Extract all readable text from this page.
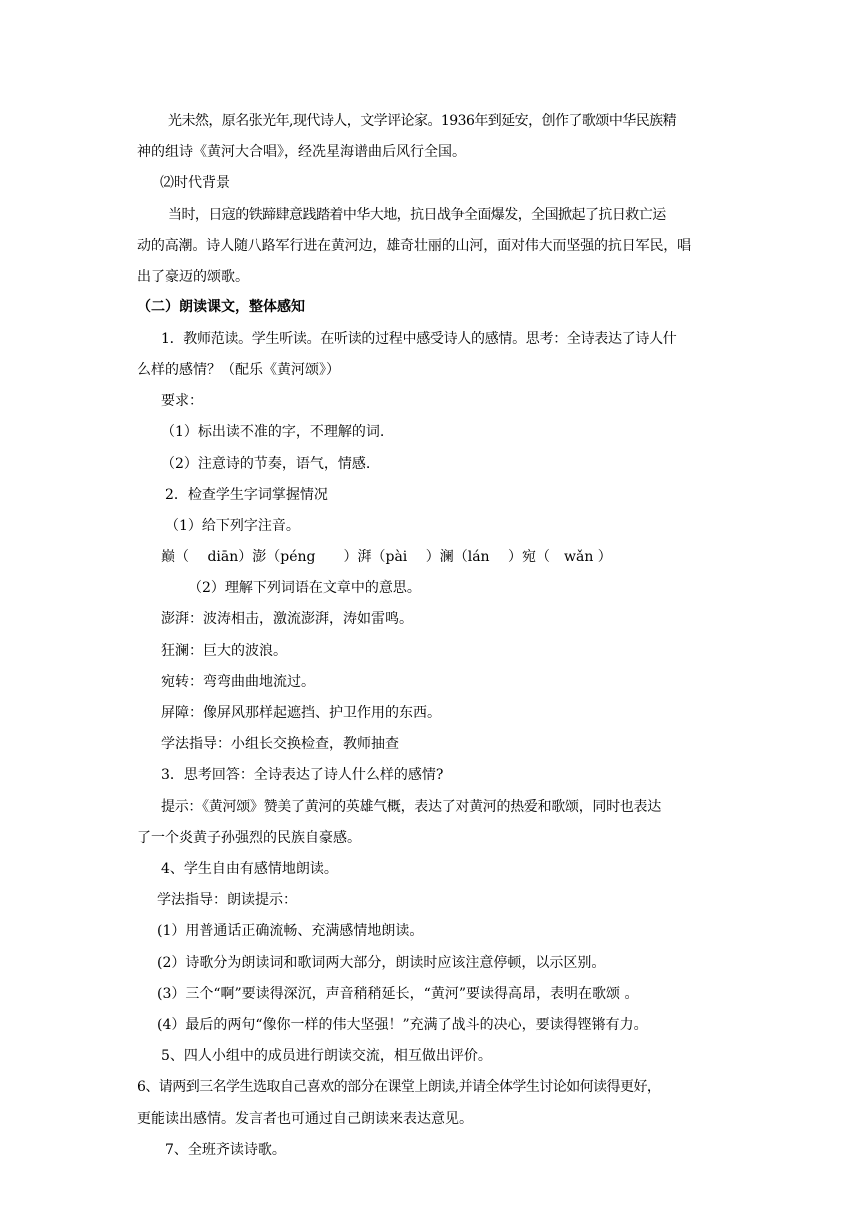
光未然，原名张光年,现代诗人，文学评论家。1936年到延安，创作了歌颂中华民族精
神的组诗《黄河大合唱》，经冼星海谱曲后风行全国。
⑵时代背景
当时，日寇的铁蹄肆意践踏着中华大地，抗日战争全面爆发，全国掀起了抗日救亡运
动的高潮。诗人随八路军行进在黄河边，雄奇壮丽的山河，面对伟大而坚强的抗日军民，唱
出了豪迈的颂歌。
（二）朗读课文，整体感知
1．教师范读。学生听读。在听读的过程中感受诗人的感情。思考：全诗表达了诗人什
么样的感情？（配乐《黄河颂》）
要求：
（1）标出读不准的字，不理解的词.
（2）注意诗的节奏，语气，情感.
2．检查学生字词掌握情况
（1）给下列字注音。
巅（　 diān）澎（péng　　）湃（pài　 ）澜（lán　 ）宛（　wǎn ）
（2）理解下列词语在文章中的意思。
澎湃：波涛相击，激流澎湃，涛如雷鸣。
狂澜：巨大的波浪。
宛转：弯弯曲曲地流过。
屏障：像屏风那样起遮挡、护卫作用的东西。
学法指导：小组长交换检查，教师抽查
3．思考回答：全诗表达了诗人什么样的感情?
提示：《黄河颂》赞美了黄河的英雄气概，表达了对黄河的热爱和歌颂，同时也表达
了一个炎黄子孙强烈的民族自豪感。
4、学生自由有感情地朗读。
学法指导：朗读提示：
(1）用普通话正确流畅、充满感情地朗读。
(2）诗歌分为朗读词和歌词两大部分，朗读时应该注意停顿，以示区别。
(3）三个“啊”要读得深沉，声音稍稍延长，“黄河”要读得高昂，表明在歌颂 。
(4）最后的两句“像你一样的伟大坚强！”充满了战斗的决心，要读得铿锵有力。
5、四人小组中的成员进行朗读交流，相互做出评价。
6、请两到三名学生选取自己喜欢的部分在课堂上朗读,并请全体学生讨论如何读得更好，
更能读出感情。发言者也可通过自己朗读来表达意见。
7、全班齐读诗歌。
